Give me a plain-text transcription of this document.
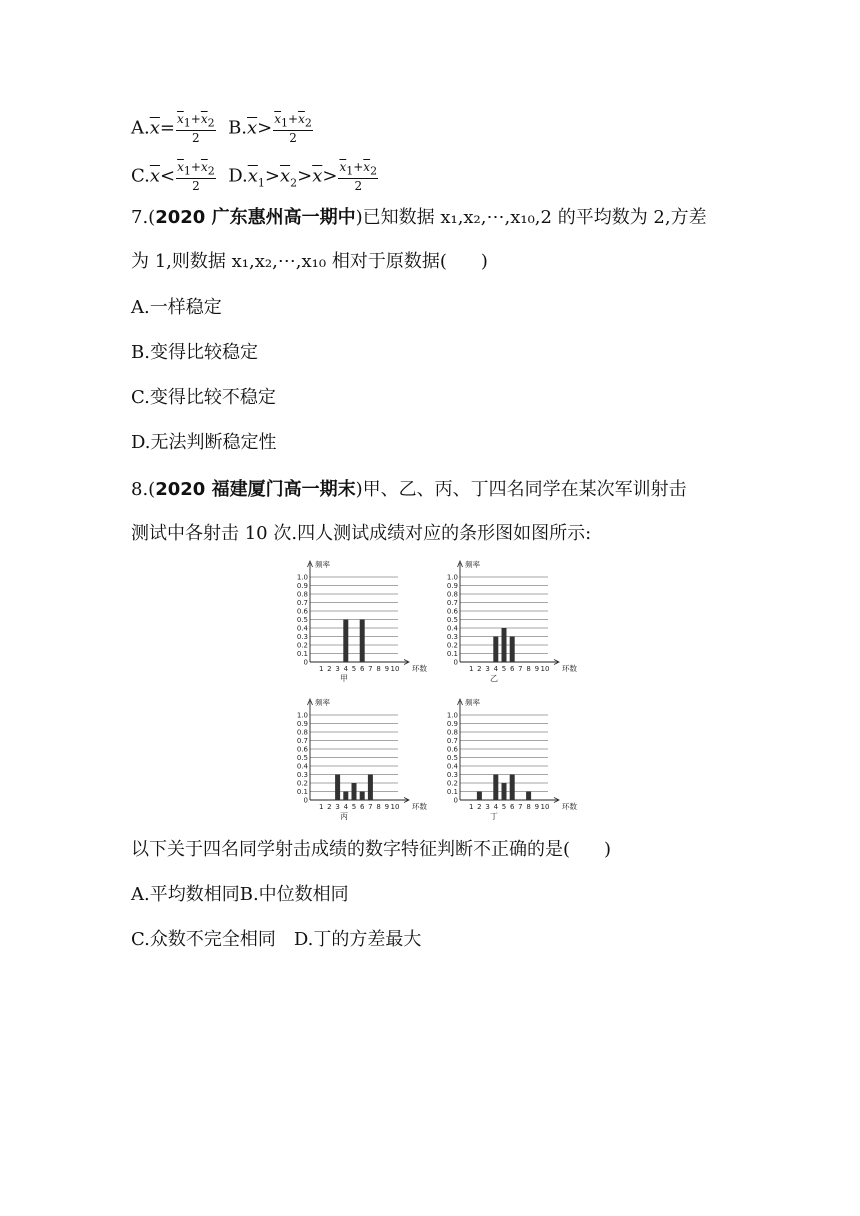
$A.\overline{x}= \frac{\overline{x}_1+\overline{x}_2}{2} B.\overline{x}> \frac{\overline{x}_1+\overline{x}_2}{2}$
$C.\overline{x}< \frac{\overline{x}_1+\overline{x}_2}{2} D.\overline{x}_1>\overline{x}_2>\overline{x}> \frac{\overline{x}_1+\overline{x}_2}{2}$
7.(2020 广东惠州高一期中)已知数据 x₁,x₂,⋯,x₁₀,2 的平均数为 2,方差
为 1,则数据 x₁,x₂,⋯,x₁₀ 相对于原数据( )
A.一样稳定
B.变得比较稳定
C.变得比较不稳定
D.无法判断稳定性
8.(2020 福建厦门高一期末)甲、乙、丙、丁四名同学在某次军训射击
测试中各射击 10 次.四人测试成绩对应的条形图如图所示:
0
0.1
0.2
0.3
0.4
0.5
0.6
0.7
0.8
0.9
1.0
1 2 3 4 5 6 7 8 9 10 环数
频率
甲
0
0.1
0.2
0.3
0.4
0.5
0.6
0.7
0.8
0.9
1.0
1 2 3 4 5 6 7 8 9 10 环数
频率
乙
0
0.1
0.2
0.3
0.4
0.5
0.6
0.7
0.8
0.9
1.0
1 2 3 4 5 6 7 8 9 10 环数
频率
丙
0
0.1
0.2
0.3
0.4
0.5
0.6
0.7
0.8
0.9
1.0
1 2 3 4 5 6 7 8 9 10 环数
频率
丁
以下关于四名同学射击成绩的数字特征判断不正确的是( )
A.平均数相同B.中位数相同
C.众数不完全相同　D.丁的方差最大
